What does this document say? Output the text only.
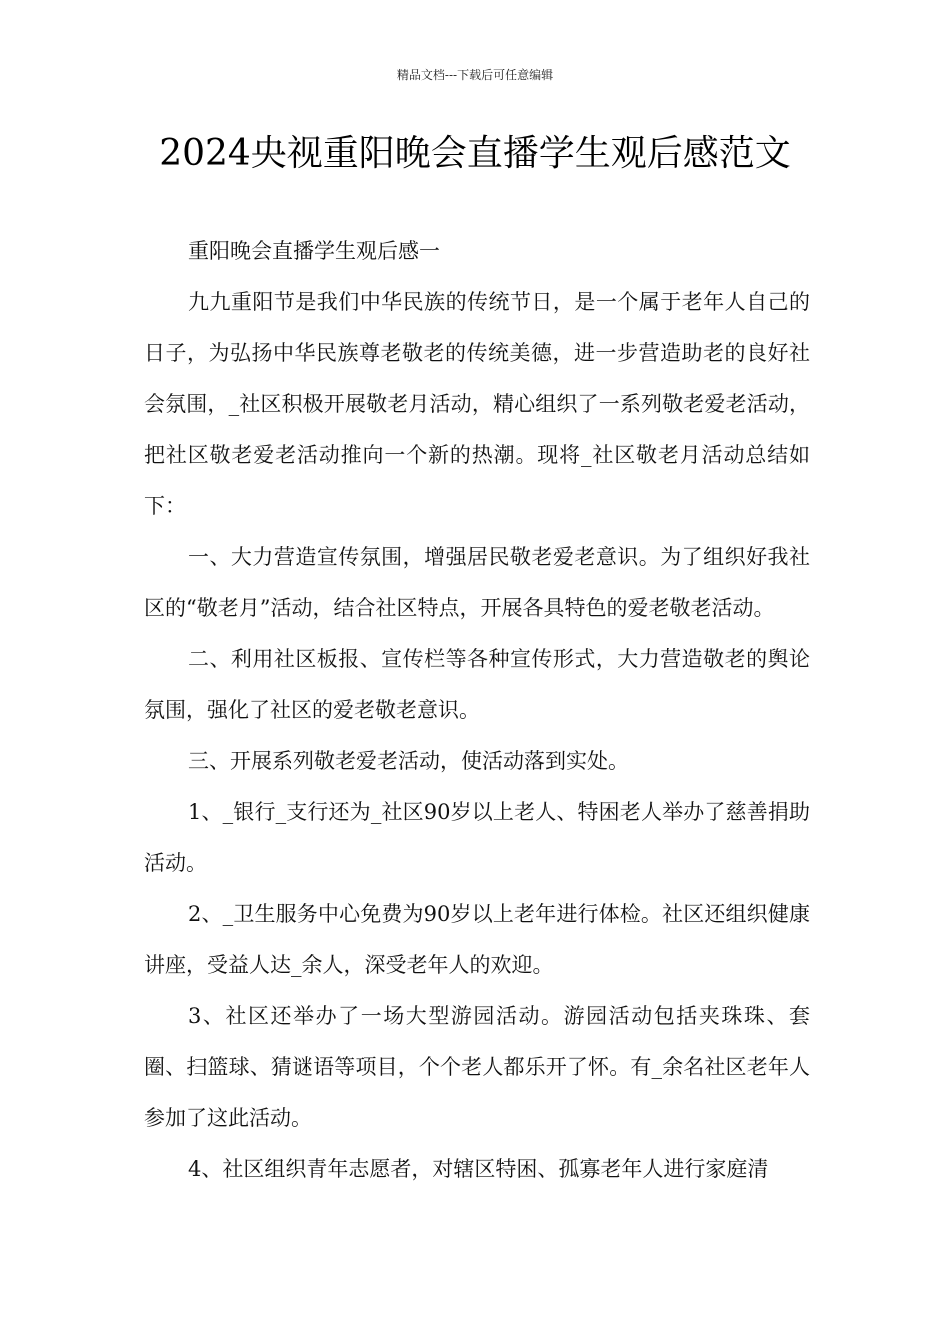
精品文档---下载后可任意编辑
2024央视重阳晚会直播学生观后感范文

重阳晚会直播学生观后感一

九九重阳节是我们中华民族的传统节日，是一个属于老年人自己的日子，为弘扬中华民族尊老敬老的传统美德，进一步营造助老的良好社会氛围，_社区积极开展敬老月活动，精心组织了一系列敬老爱老活动，把社区敬老爱老活动推向一个新的热潮。现将_社区敬老月活动总结如下：

一、大力营造宣传氛围，增强居民敬老爱老意识。为了组织好我社区的“敬老月”活动，结合社区特点，开展各具特色的爱老敬老活动。

二、利用社区板报、宣传栏等各种宣传形式，大力营造敬老的舆论氛围，强化了社区的爱老敬老意识。

三、开展系列敬老爱老活动，使活动落到实处。

1、_银行_支行还为_社区90岁以上老人、特困老人举办了慈善捐助活动。

2、_卫生服务中心免费为90岁以上老年进行体检。社区还组织健康讲座，受益人达_余人，深受老年人的欢迎。

3、社区还举办了一场大型游园活动。游园活动包括夹珠珠、套圈、扫篮球、猜谜语等项目，个个老人都乐开了怀。有_余名社区老年人参加了这此活动。

4、社区组织青年志愿者，对辖区特困、孤寡老年人进行家庭清
